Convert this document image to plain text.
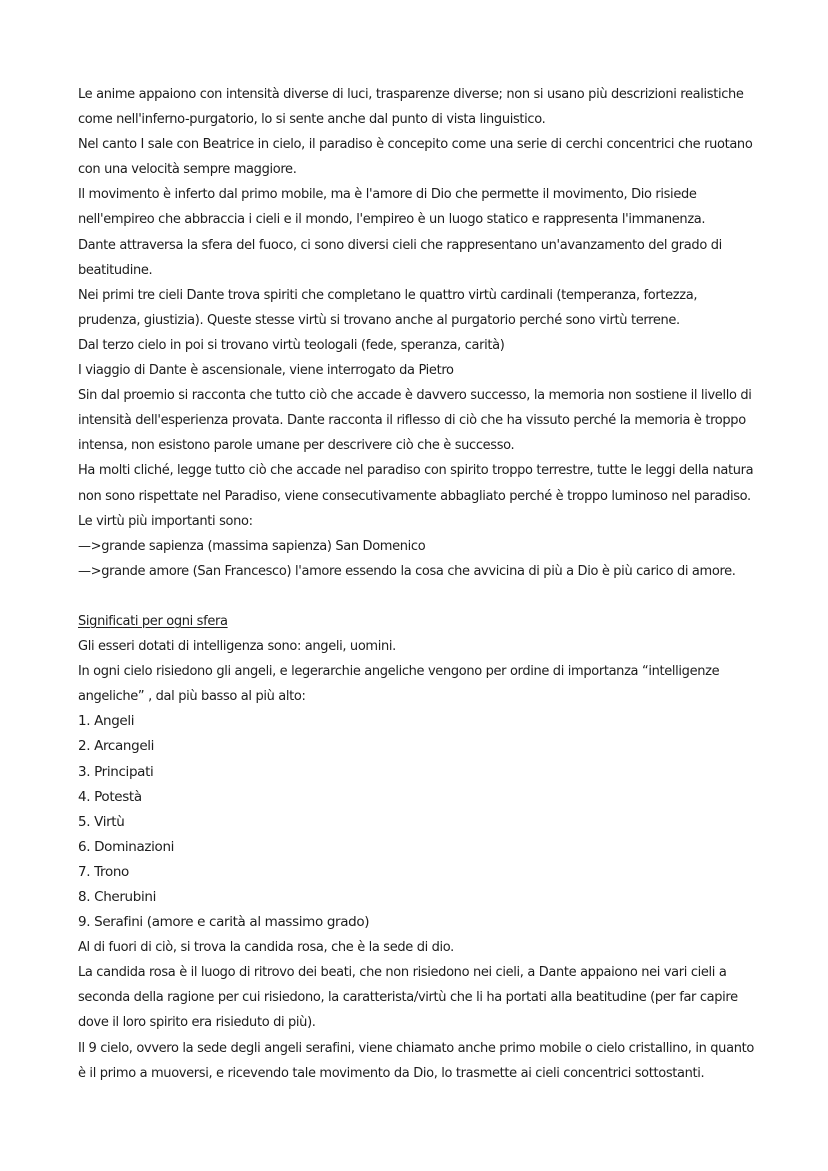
Le anime appaiono con intensità diverse di luci, trasparenze diverse; non si usano più descrizioni realistiche come nell'inferno-purgatorio, lo si sente anche dal punto di vista linguistico.

Nel canto I sale con Beatrice in cielo, il paradiso è concepito come una serie di cerchi concentrici che ruotano con una velocità sempre maggiore.

Il movimento è inferto dal primo mobile, ma è l'amore di Dio che permette il movimento, Dio risiede nell'empireo che abbraccia i cieli e il mondo, l'empireo è un luogo statico e rappresenta l'immanenza.

Dante attraversa la sfera del fuoco, ci sono diversi cieli che rappresentano un'avanzamento del grado di beatitudine.

Nei primi tre cieli Dante trova spiriti che completano le quattro virtù cardinali (temperanza, fortezza, prudenza, giustizia). Queste stesse virtù si trovano anche al purgatorio perché sono virtù terrene.

Dal terzo cielo in poi si trovano virtù teologali (fede, speranza, carità)

I viaggio di Dante è ascensionale, viene interrogato da Pietro

Sin dal proemio si racconta che tutto ciò che accade è davvero successo, la memoria non sostiene il livello di intensità dell'esperienza provata. Dante racconta il riflesso di ciò che ha vissuto perché la memoria è troppo intensa, non esistono parole umane per descrivere ciò che è successo.

Ha molti cliché, legge tutto ciò che accade nel paradiso con spirito troppo terrestre, tutte le leggi della natura non sono rispettate nel Paradiso, viene consecutivamente abbagliato perché è troppo luminoso nel paradiso.

Le virtù più importanti sono:

—>grande sapienza (massima sapienza) San Domenico

—>grande amore (San Francesco) l'amore essendo la cosa che avvicina di più a Dio è più carico di amore.

Significati per ogni sfera

Gli esseri dotati di intelligenza sono: angeli, uomini.

In ogni cielo risiedono gli angeli, e legerarchie angeliche vengono per ordine di importanza “intelligenze angeliche” , dal più basso al più alto:

1. Angeli

2. Arcangeli

3. Principati

4. Potestà

5. Virtù

6. Dominazioni

7. Trono

8. Cherubini

9. Serafini (amore e carità al massimo grado)

Al di fuori di ciò, si trova la candida rosa, che è la sede di dio.

La candida rosa è il luogo di ritrovo dei beati, che non risiedono nei cieli, a Dante appaiono nei vari cieli a seconda della ragione per cui risiedono, la caratterista/virtù che li ha portati alla beatitudine (per far capire dove il loro spirito era risieduto di più).

Il 9 cielo, ovvero la sede degli angeli serafini, viene chiamato anche primo mobile o cielo cristallino, in quanto è il primo a muoversi, e ricevendo tale movimento da Dio, lo trasmette ai cieli concentrici sottostanti.
